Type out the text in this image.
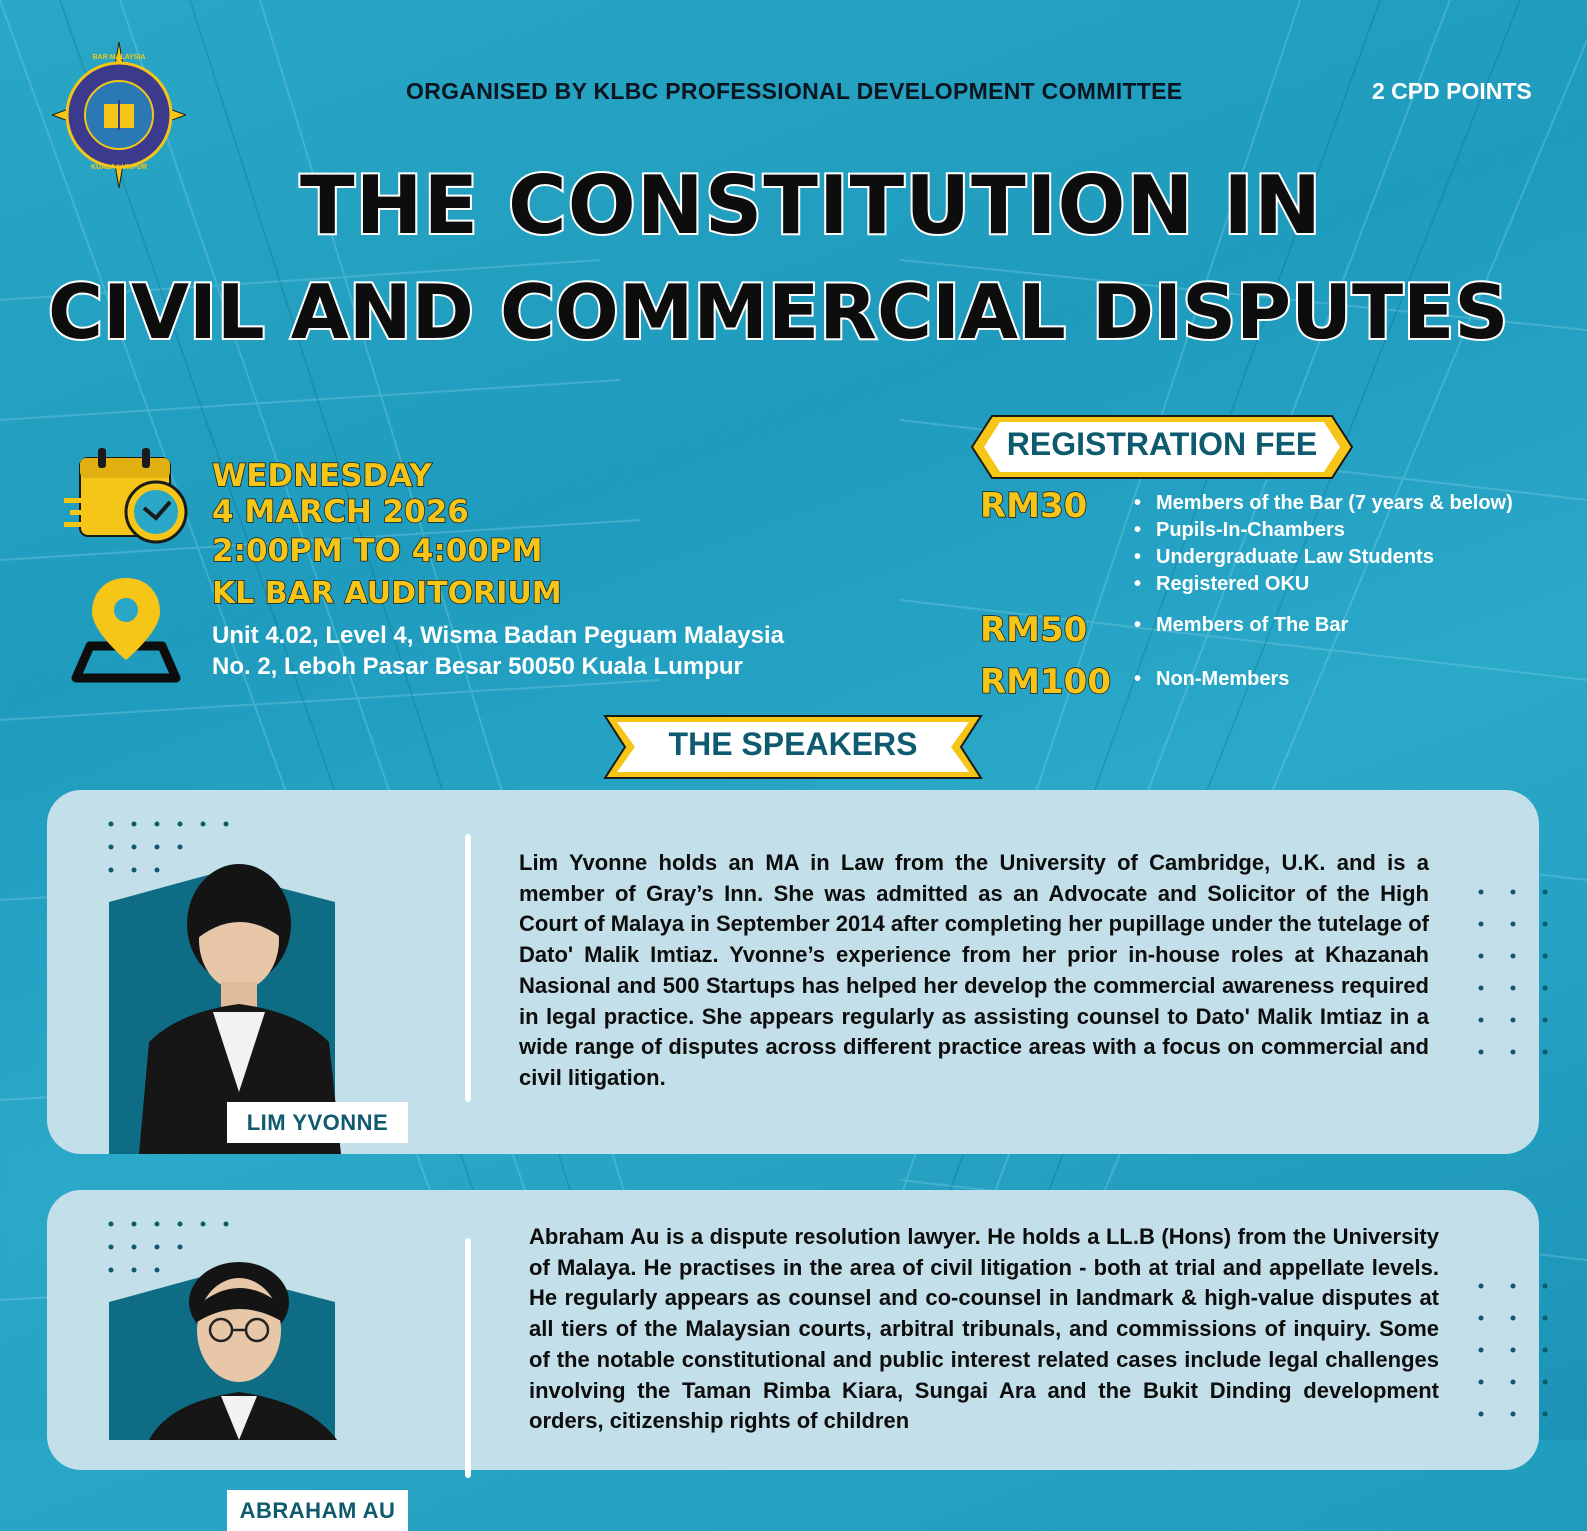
BAR MALAYSIA
KUALA LUMPUR
ORGANISED BY KLBC PROFESSIONAL DEVELOPMENT COMMITTEE	2 CPD POINTS
THE CONSTITUTION IN
CIVIL AND COMMERCIAL DISPUTES
WEDNESDAY
4 MARCH 2026
2:00PM TO 4:00PM
KL BAR AUDITORIUM
Unit 4.02, Level 4, Wisma Badan Peguam Malaysia
No. 2, Leboh Pasar Besar 50050 Kuala Lumpur
REGISTRATION FEE
RM30	• Members of the Bar (7 years & below)
• Pupils-In-Chambers
• Undergraduate Law Students
• Registered OKU
RM50	• Members of The Bar
RM100	• Non-Members
THE SPEAKERS
LIM YVONNE

Lim Yvonne holds an MA in Law from the University of Cambridge, U.K. and is a member of Gray’s Inn. She was admitted as an Advocate and Solicitor of the High Court of Malaya in September 2014 after completing her pupillage under the tutelage of Dato' Malik Imtiaz. Yvonne’s experience from her prior in-house roles at Khazanah Nasional and 500 Startups has helped her develop the commercial awareness required in legal practice. She appears regularly as assisting counsel to Dato' Malik Imtiaz in a wide range of disputes across different practice areas with a focus on commercial and civil litigation.

ABRAHAM AU

Abraham Au is a dispute resolution lawyer. He holds a LL.B (Hons) from the University of Malaya. He practises in the area of civil litigation - both at trial and appellate levels. He regularly appears as counsel and co-counsel in landmark & high-value disputes at all tiers of the Malaysian courts, arbitral tribunals, and commissions of inquiry. Some of the notable constitutional and public interest related cases include legal challenges involving the Taman Rimba Kiara, Sungai Ara and the Bukit Dinding development orders, citizenship rights of children
